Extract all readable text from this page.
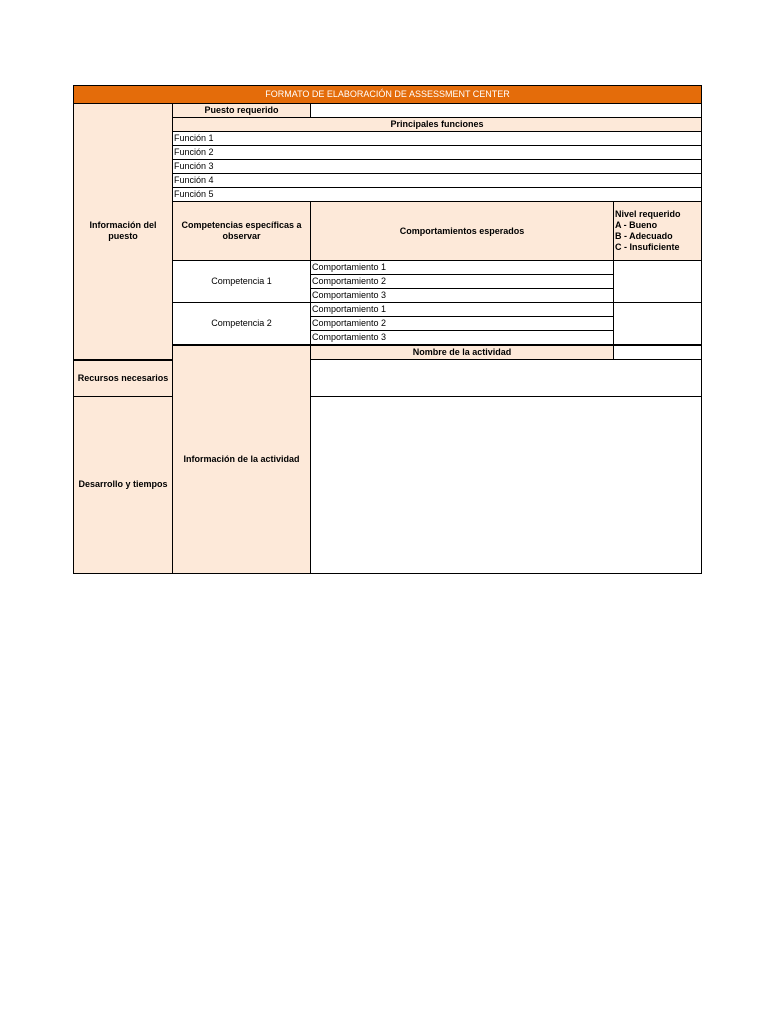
FORMATO DE ELABORACIÓN DE ASSESSMENT CENTER			
Información del puesto	Puesto requerido		
	Principales funciones		
	Función 1		
	Función 2		
	Función 3		
	Función 4		
	Función 5		
	Competencias específicas a observar	Comportamientos esperados	Nivel requerido
A - Bueno
B - Adecuado
C - Insuficiente

	Competencia 1	Comportamiento 1	
		Comportamiento 2	
		Comportamiento 3	
	Competencia 2	Comportamiento 1	
		Comportamiento 2	
		Comportamiento 3	
	Información de la actividad	Nombre de la actividad	
Recursos necesarios			
Desarrollo y tiempos			
